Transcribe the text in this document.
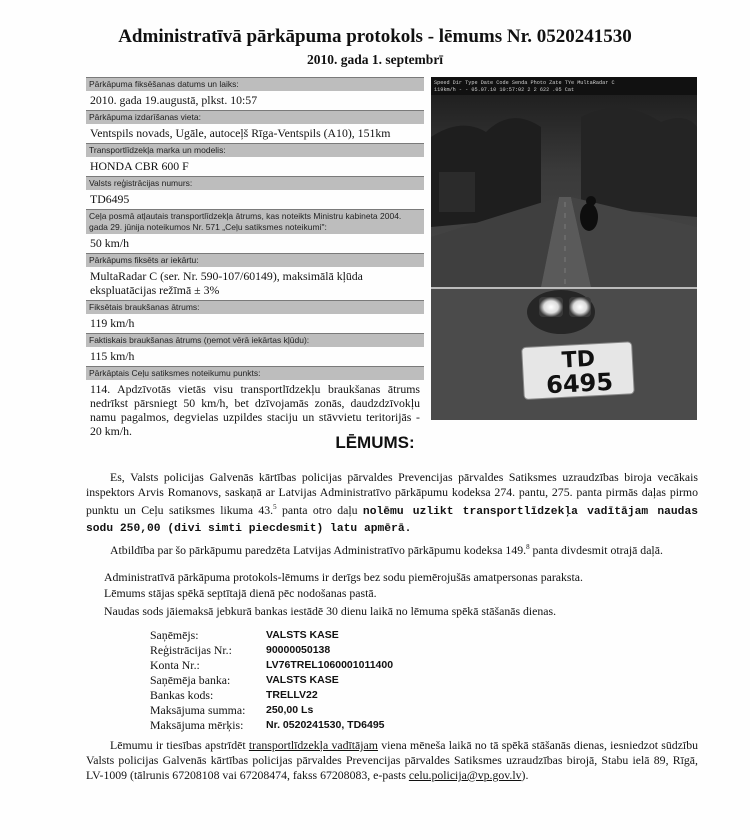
Administratīvā pārkāpuma protokols - lēmums Nr. 0520241530
2010. gada 1. septembrī
Pārkāpuma fiksēšanas datums un laiks:
2010. gada 19.augustā, plkst. 10:57
Pārkāpuma izdarīšanas vieta:
Ventspils novads, Ugāle, autoceļš Rīga-Ventspils (A10), 151km
Transportlīdzekļa marka un modelis:
HONDA CBR 600 F
Valsts reģistrācijas numurs:
TD6495
Ceļa posmā atļautais transportlīdzekļa ātrums, kas noteikts Ministru kabineta 2004. gada 29. jūnija noteikumos Nr. 571 „Ceļu satiksmes noteikumi":
50 km/h
Pārkāpums fiksēts ar iekārtu:
MultaRadar C (ser. Nr. 590-107/60149), maksimālā kļūda ekspluatācijas režīmā ± 3%
Fiksētais braukšanas ātrums:
119 km/h
Faktiskais braukšanas ātrums (ņemot vērā iekārtas kļūdu):
115 km/h
Pārkāptais Ceļu satiksmes noteikumu punkts:
114. Apdzīvotās vietās visu transportlīdzekļu braukšanas ātrums nedrīkst pārsniegt 50 km/h, bet dzīvojamās zonās, daudzdzīvokļu namu pagalmos, degvielas uzpildes staciju un stāvvietu teritorijās - 20 km/h.
Speed Dir Type Date Code Senda Photo Zate TYe MultaRadar C
119km/h - - 05.07.10 10:57:02 2 2 622 .05 Cat
TD
6495
LĒMUMS:
Es, Valsts policijas Galvenās kārtības policijas pārvaldes Prevencijas pārvaldes Satiksmes uzraudzības biroja vecākais inspektors Arvis Romanovs, saskaņā ar Latvijas Administratīvo pārkāpumu kodeksa 274. pantu, 275. panta pirmās daļas pirmo punktu un Ceļu satiksmes likuma 43.$^5$ panta otro daļu nolēmu uzlikt transportlīdzekļa vadītājam naudas sodu 250,00 (divi simti piecdesmit) latu apmērā.
Atbildība par šo pārkāpumu paredzēta Latvijas Administratīvo pārkāpumu kodeksa 149.$^8$ panta divdesmit otrajā daļā.
Administratīvā pārkāpuma protokols-lēmums ir derīgs bez sodu piemērojušās amatpersonas paraksta.
Lēmums stājas spēkā septītajā dienā pēc nodošanas pastā.
Naudas sods jāiemaksā jebkurā bankas iestādē 30 dienu laikā no lēmuma spēkā stāšanās dienas.
Saņēmējs:	VALSTS KASE
Reģistrācijas Nr.:	90000050138
Konta Nr.:	LV76TREL1060001011400
Saņēmēja banka:	VALSTS KASE
Bankas kods:	TRELLV22
Maksājuma summa:	250,00 Ls
Maksājuma mērķis:	Nr. 0520241530, TD6495
Lēmumu ir tiesības apstrīdēt transportlīdzekļa vadītājam viena mēneša laikā no tā spēkā stāšanās dienas, iesniedzot sūdzību Valsts policijas Galvenās kārtības policijas pārvaldes Prevencijas pārvaldes Satiksmes uzraudzības birojā, Stabu ielā 89, Rīgā, LV-1009 (tālrunis 67208108 vai 67208474, fakss 67208083, e-pasts celu.policija@vp.gov.lv).
